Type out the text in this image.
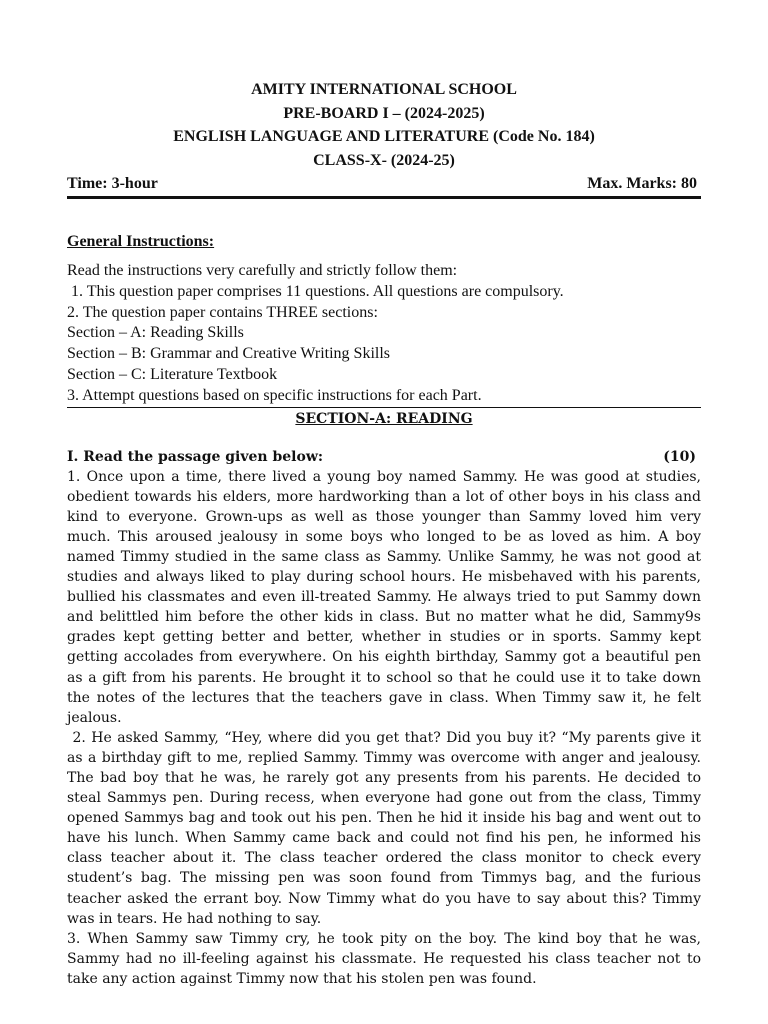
AMITY INTERNATIONAL SCHOOL
PRE-BOARD I – (2024-2025)
ENGLISH LANGUAGE AND LITERATURE (Code No. 184)
CLASS-X- (2024-25)
Time: 3-hour	Max. Marks: 80
General Instructions:
Read the instructions very carefully and strictly follow them:
1. This question paper comprises 11 questions. All questions are compulsory.
2. The question paper contains THREE sections:
Section – A: Reading Skills
Section – B: Grammar and Creative Writing Skills
Section – C: Literature Textbook
3. Attempt questions based on specific instructions for each Part.
SECTION-A: READING
I. Read the passage given below:	(10)

1. Once upon a time, there lived a young boy named Sammy. He was good at studies, obedient towards his elders, more hardworking than a lot of other boys in his class and kind to everyone. Grown-ups as well as those younger than Sammy loved him very much. This aroused jealousy in some boys who longed to be as loved as him. A boy named Timmy studied in the same class as Sammy. Unlike Sammy, he was not good at studies and always liked to play during school hours. He misbehaved with his parents, bullied his classmates and even ill-treated Sammy. He always tried to put Sammy down and belittled him before the other kids in class. But no matter what he did, Sammy9s grades kept getting better and better, whether in studies or in sports. Sammy kept getting accolades from everywhere. On his eighth birthday, Sammy got a beautiful pen as a gift from his parents. He brought it to school so that he could use it to take down the notes of the lectures that the teachers gave in class. When Timmy saw it, he felt jealous.

2. He asked Sammy, “Hey, where did you get that? Did you buy it? “My parents give it as a birthday gift to me, replied Sammy. Timmy was overcome with anger and jealousy. The bad boy that he was, he rarely got any presents from his parents. He decided to steal Sammys pen. During recess, when everyone had gone out from the class, Timmy opened Sammys bag and took out his pen. Then he hid it inside his bag and went out to have his lunch. When Sammy came back and could not find his pen, he informed his class teacher about it. The class teacher ordered the class monitor to check every student’s bag. The missing pen was soon found from Timmys bag, and the furious teacher asked the errant boy. Now Timmy what do you have to say about this? Timmy was in tears. He had nothing to say.

3. When Sammy saw Timmy cry, he took pity on the boy. The kind boy that he was, Sammy had no ill-feeling against his classmate. He requested his class teacher not to take any action against Timmy now that his stolen pen was found.
